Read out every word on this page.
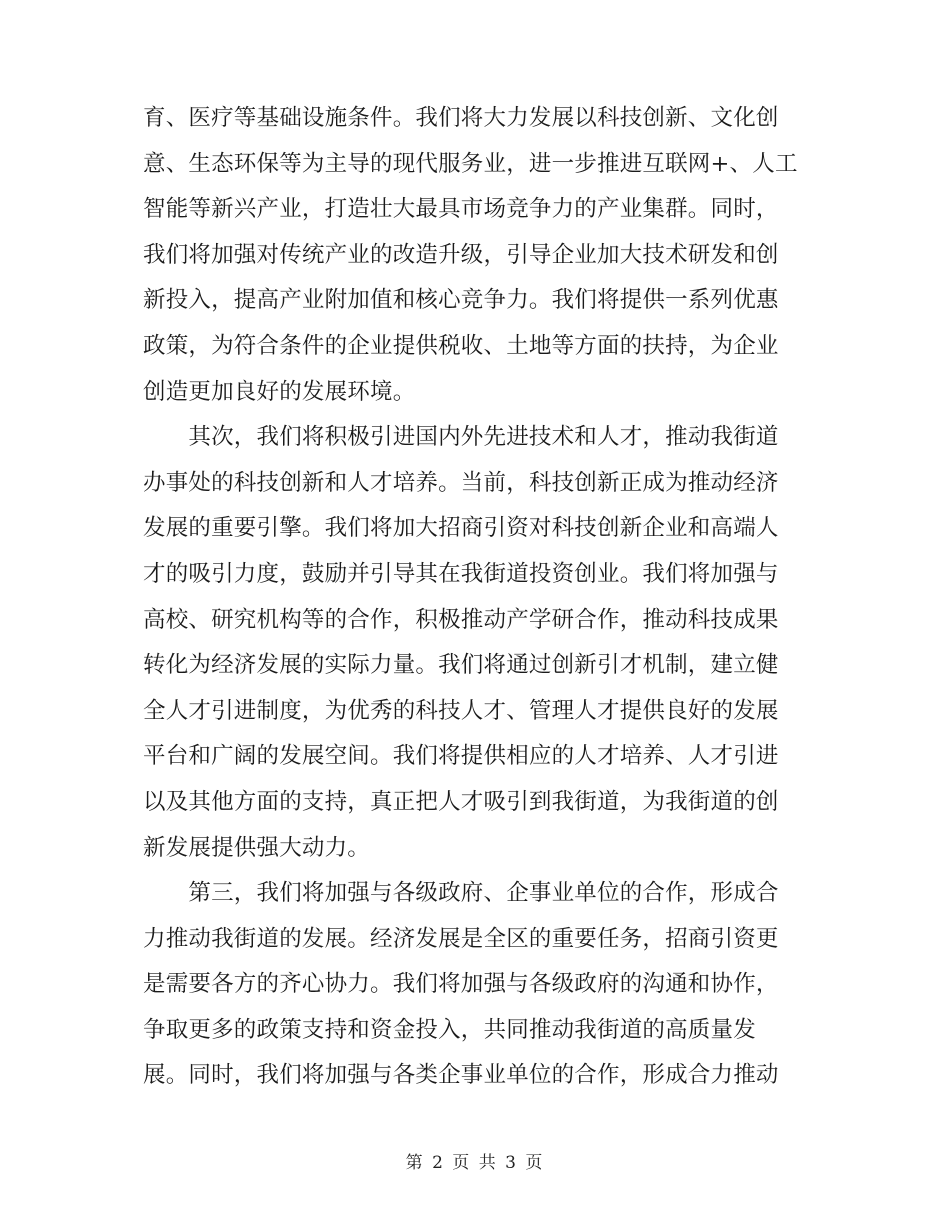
育、医疗等基础设施条件。我们将大力发展以科技创新、文化创

意、生态环保等为主导的现代服务业，进一步推进互联网+、人工

智能等新兴产业，打造壮大最具市场竞争力的产业集群。同时，

我们将加强对传统产业的改造升级，引导企业加大技术研发和创

新投入，提高产业附加值和核心竞争力。我们将提供一系列优惠

政策，为符合条件的企业提供税收、土地等方面的扶持，为企业

创造更加良好的发展环境。

　　其次，我们将积极引进国内外先进技术和人才，推动我街道

办事处的科技创新和人才培养。当前，科技创新正成为推动经济

发展的重要引擎。我们将加大招商引资对科技创新企业和高端人

才的吸引力度，鼓励并引导其在我街道投资创业。我们将加强与

高校、研究机构等的合作，积极推动产学研合作，推动科技成果

转化为经济发展的实际力量。我们将通过创新引才机制，建立健

全人才引进制度，为优秀的科技人才、管理人才提供良好的发展

平台和广阔的发展空间。我们将提供相应的人才培养、人才引进

以及其他方面的支持，真正把人才吸引到我街道，为我街道的创

新发展提供强大动力。

　　第三，我们将加强与各级政府、企事业单位的合作，形成合

力推动我街道的发展。经济发展是全区的重要任务，招商引资更

是需要各方的齐心协力。我们将加强与各级政府的沟通和协作，

争取更多的政策支持和资金投入，共同推动我街道的高质量发

展。同时，我们将加强与各类企事业单位的合作，形成合力推动

第 2 页 共 3 页
